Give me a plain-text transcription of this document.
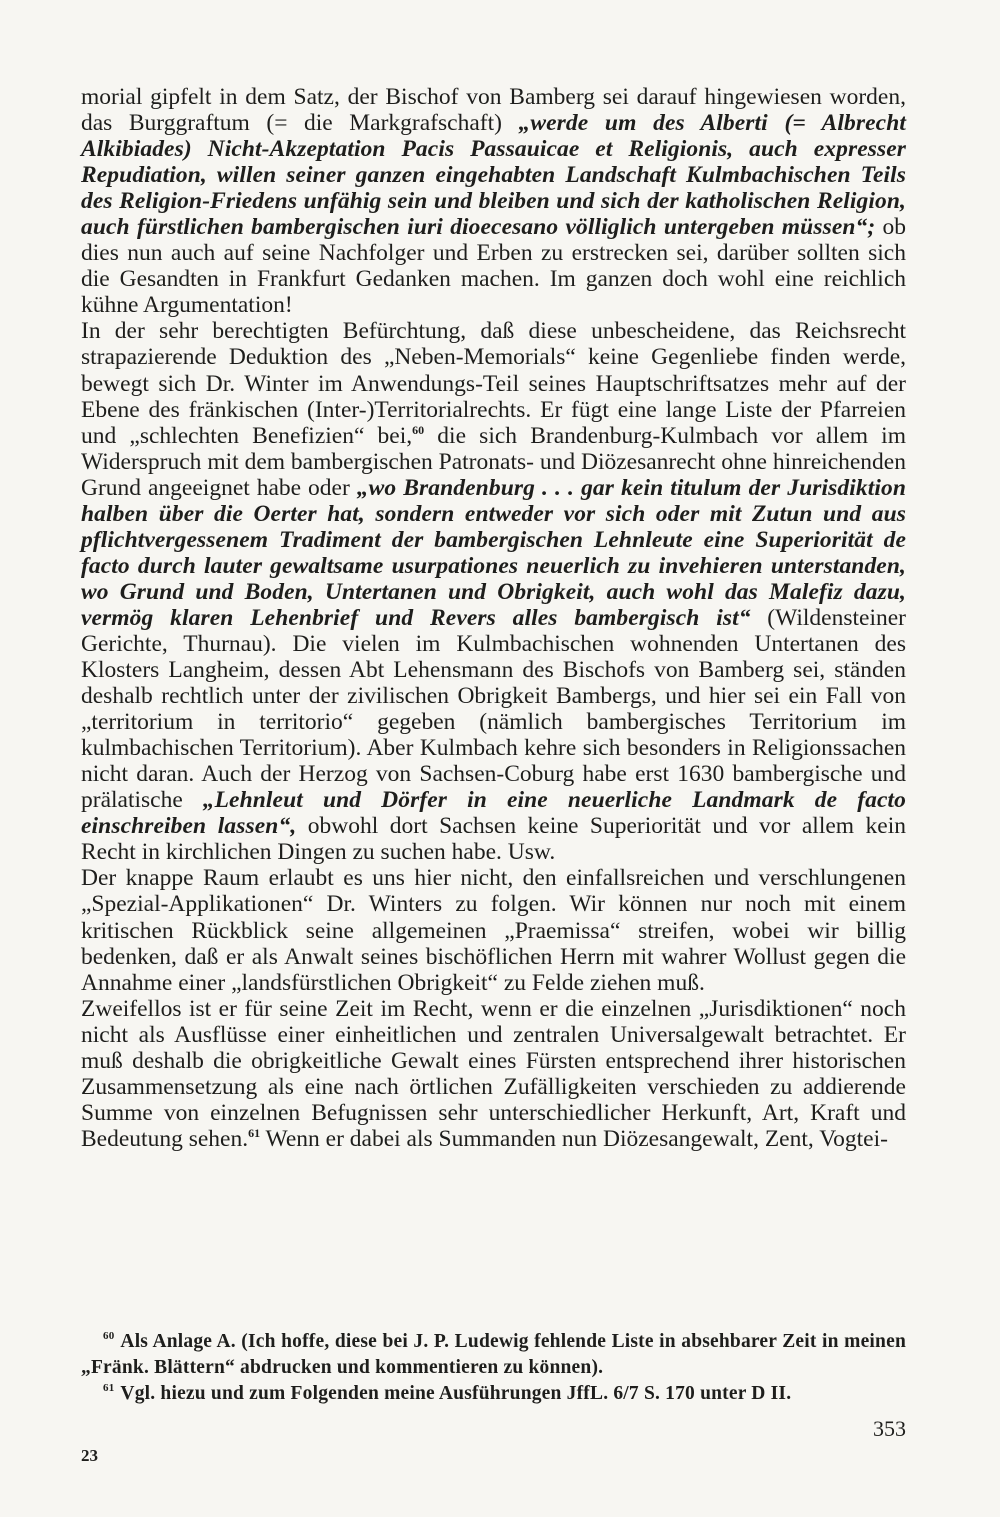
morial gipfelt in dem Satz, der Bischof von Bamberg sei darauf hingewiesen worden, das Burggraftum (= die Markgrafschaft) „werde um des Alberti (= Albrecht Alkibiades) Nicht-Akzeptation Pacis Passauicae et Religionis, auch expresser Repudiation, willen seiner ganzen eingehabten Landschaft Kulmbachischen Teils des Religion-Friedens unfähig sein und bleiben und sich der katholischen Religion, auch fürstlichen bambergischen iuri dioecesano völliglich untergeben müssen“; ob dies nun auch auf seine Nachfolger und Erben zu erstrecken sei, darüber sollten sich die Gesandten in Frankfurt Gedanken machen. Im ganzen doch wohl eine reichlich kühne Argumentation!

In der sehr berechtigten Befürchtung, daß diese unbescheidene, das Reichsrecht strapazierende Deduktion des „Neben-Memorials“ keine Gegenliebe finden werde, bewegt sich Dr. Winter im Anwendungs-Teil seines Hauptschriftsatzes mehr auf der Ebene des fränkischen (Inter-)Territorialrechts. Er fügt eine lange Liste der Pfarreien und „schlechten Benefizien“ bei,$^{60}$ die sich Brandenburg-Kulmbach vor allem im Widerspruch mit dem bambergischen Patronats- und Diözesanrecht ohne hinreichenden Grund angeeignet habe oder „wo Brandenburg . . . gar kein titulum der Jurisdiktion halben über die Oerter hat, sondern entweder vor sich oder mit Zutun und aus pflichtvergessenem Tradiment der bambergischen Lehnleute eine Superiorität de facto durch lauter gewaltsame usurpationes neuerlich zu invehieren unterstanden, wo Grund und Boden, Untertanen und Obrigkeit, auch wohl das Malefiz dazu, vermög klaren Lehenbrief und Revers alles bambergisch ist“ (Wildensteiner Gerichte, Thurnau). Die vielen im Kulmbachischen wohnenden Untertanen des Klosters Langheim, dessen Abt Lehensmann des Bischofs von Bamberg sei, ständen deshalb rechtlich unter der zivilischen Obrigkeit Bambergs, und hier sei ein Fall von „territorium in territorio“ gegeben (nämlich bambergisches Territorium im kulmbachischen Territorium). Aber Kulmbach kehre sich besonders in Religionssachen nicht daran. Auch der Herzog von Sachsen-Coburg habe erst 1630 bambergische und prälatische „Lehnleut und Dörfer in eine neuerliche Landmark de facto einschreiben lassen“, obwohl dort Sachsen keine Superiorität und vor allem kein Recht in kirchlichen Dingen zu suchen habe. Usw.

Der knappe Raum erlaubt es uns hier nicht, den einfallsreichen und verschlungenen „Spezial-Applikationen“ Dr. Winters zu folgen. Wir können nur noch mit einem kritischen Rückblick seine allgemeinen „Praemissa“ streifen, wobei wir billig bedenken, daß er als Anwalt seines bischöflichen Herrn mit wahrer Wollust gegen die Annahme einer „landsfürstlichen Obrigkeit“ zu Felde ziehen muß.

Zweifellos ist er für seine Zeit im Recht, wenn er die einzelnen „Jurisdiktionen“ noch nicht als Ausflüsse einer einheitlichen und zentralen Universalgewalt betrachtet. Er muß deshalb die obrigkeitliche Gewalt eines Fürsten entsprechend ihrer historischen Zusammensetzung als eine nach örtlichen Zufälligkeiten verschieden zu addierende Summe von einzelnen Befugnissen sehr unterschiedlicher Herkunft, Art, Kraft und Bedeutung sehen.$^{61}$ Wenn er dabei als Summanden nun Diözesangewalt, Zent, Vogtei-

$^{60}$ Als Anlage A. (Ich hoffe, diese bei J. P. Ludewig fehlende Liste in absehbarer Zeit in meinen „Fränk. Blättern“ abdrucken und kommentieren zu können).

$^{61}$ Vgl. hiezu und zum Folgenden meine Ausführungen JffL. 6/7 S. 170 unter D II.

353
23
